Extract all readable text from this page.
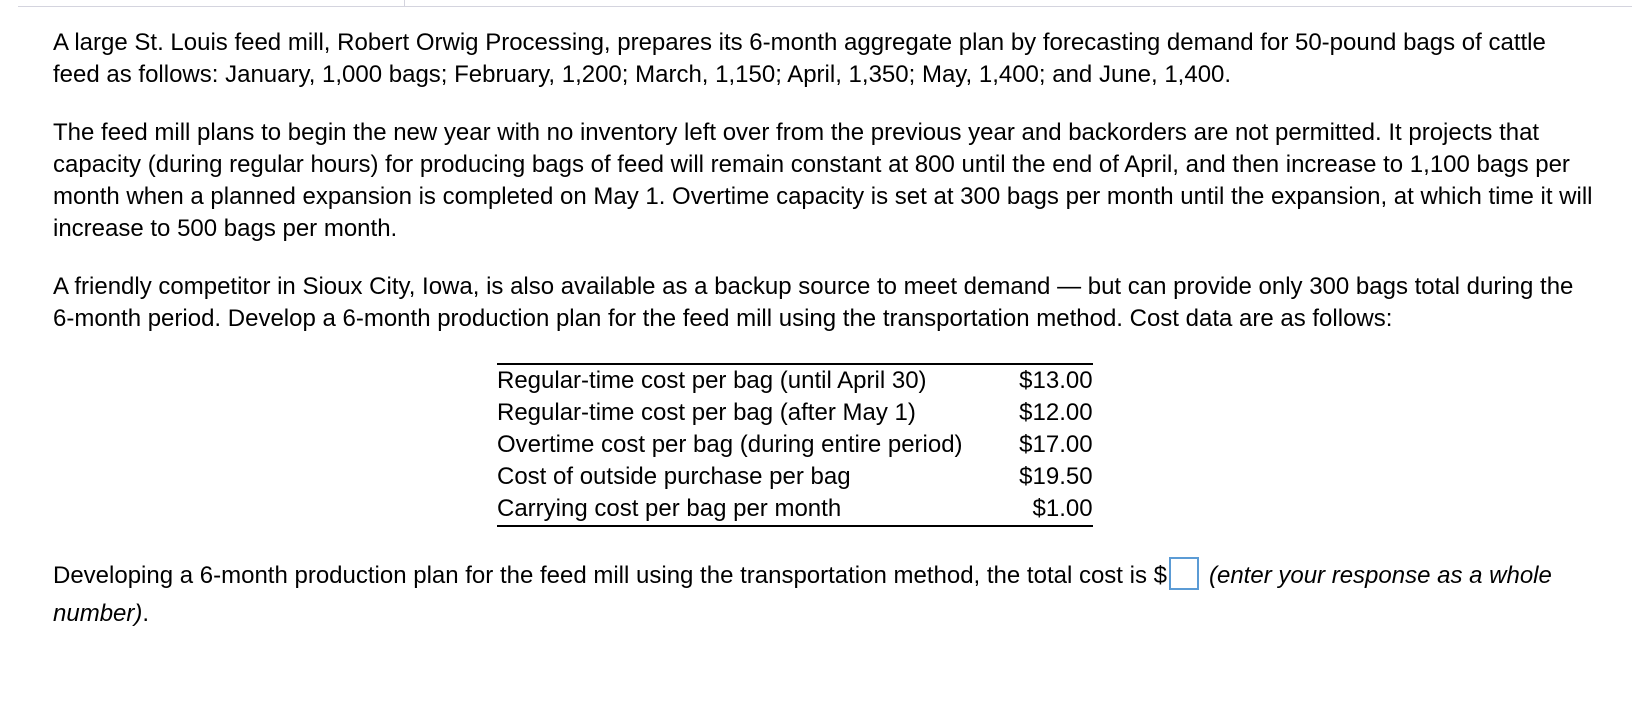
A large St. Louis feed mill, Robert Orwig Processing, prepares its 6-month aggregate plan by forecasting demand for 50-pound bags of cattle feed as follows: January, 1,000 bags; February, 1,200; March, 1,150; April, 1,350; May, 1,400; and June, 1,400.

The feed mill plans to begin the new year with no inventory left over from the previous year and backorders are not permitted. It projects that capacity (during regular hours) for producing bags of feed will remain constant at 800 until the end of April, and then increase to 1,100 bags per month when a planned expansion is completed on May 1. Overtime capacity is set at 300 bags per month until the expansion, at which time it will increase to 500 bags per month.

A friendly competitor in Sioux City, Iowa, is also available as a backup source to meet demand — but can provide only 300 bags total during the 6-month period. Develop a 6-month production plan for the feed mill using the transportation method. Cost data are as follows:

Regular-time cost per bag (until April 30)	$13.00
Regular-time cost per bag (after May 1)	$12.00
Overtime cost per bag (during entire period)	$17.00
Cost of outside purchase per bag	$19.50
Carrying cost per bag per month	$1.00
Developing a 6-month production plan for the feed mill using the transportation method, the total cost is $ (enter your response as a whole number).
